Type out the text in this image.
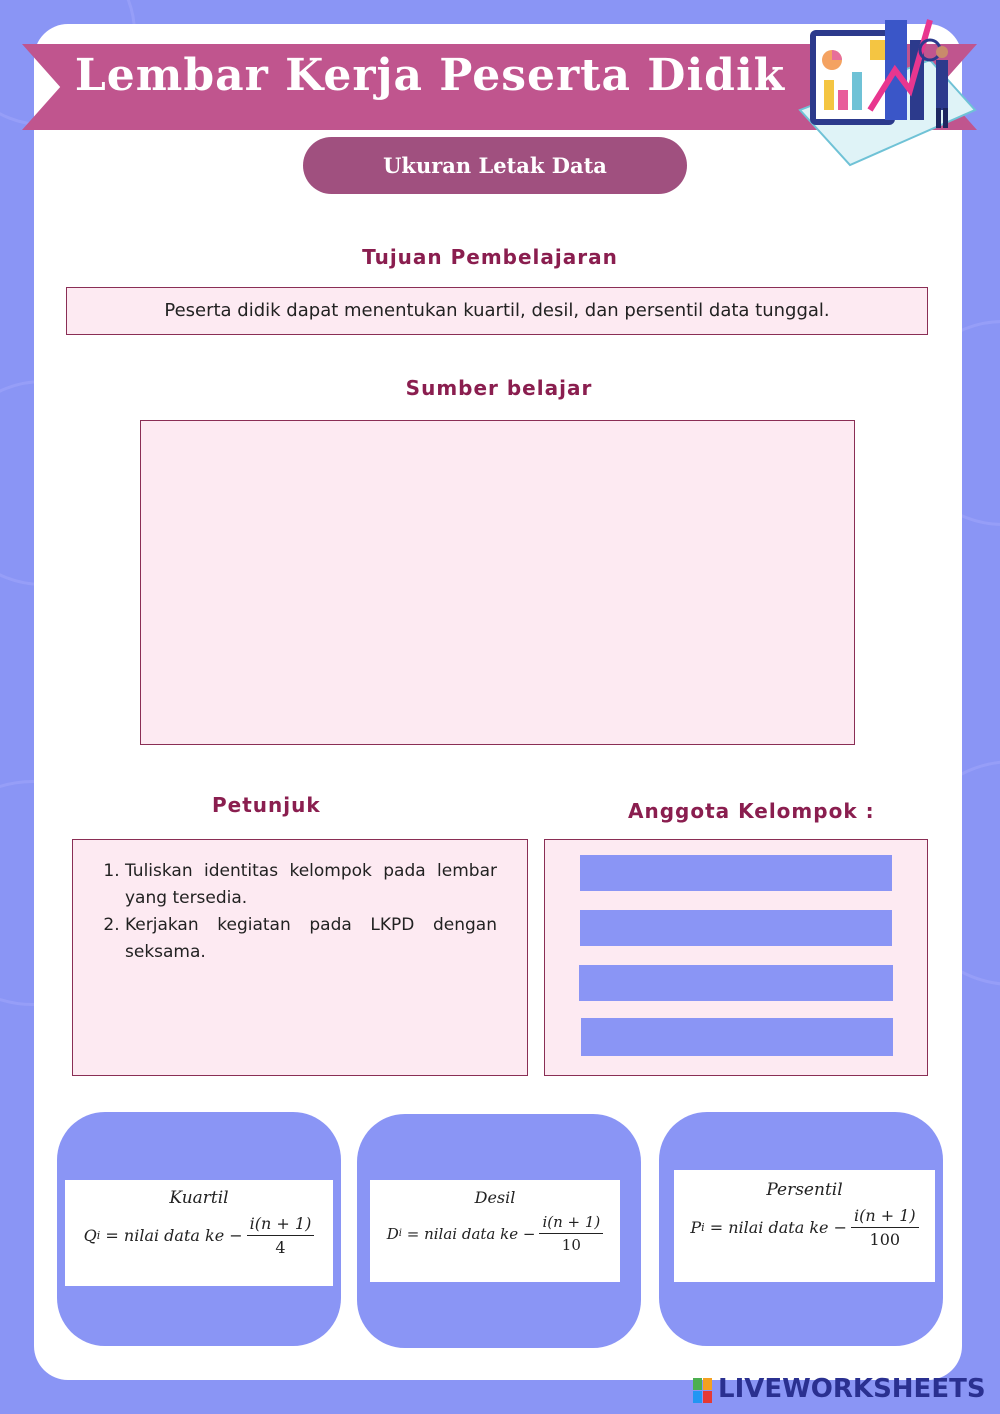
Lembar Kerja Peserta Didik
Ukuran Letak Data
Tujuan Pembelajaran
Peserta didik dapat menentukan kuartil, desil, dan persentil data tunggal.
Sumber belajar
Petunjuk
1. Tuliskan identitas kelompok pada lembar yang tersedia.
2. Kerjakan kegiatan pada LKPD dengan seksama.
Anggota Kelompok :
Kuartil
Q i
= nilai data ke − $\frac{i(n + 1)}{4}$
Desil
D i
= nilai data ke − $\frac{i(n + 1)}{10}$
Persentil
P i
= nilai data ke − $\frac{i(n + 1)}{100}$
LIVEWORKSHEETS
